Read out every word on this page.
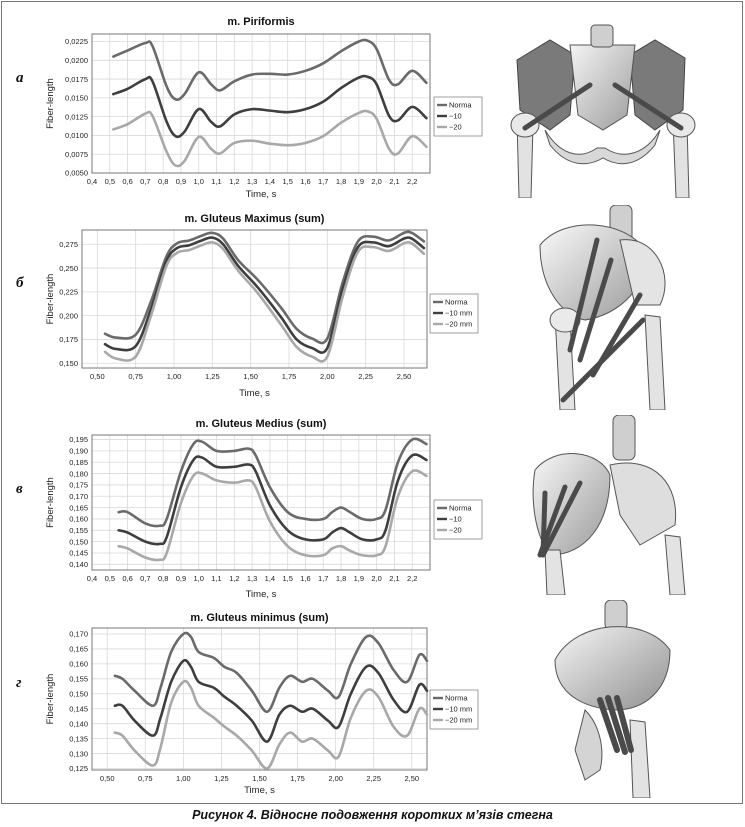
а
б
в
г
0,0050
0,0075
0,0100
0,0125
0,0150
0,0175
0,0200
0,0225
0,4 0,5 0,6 0,7 0,8 0,9 1,0 1,1 1,2 1,3 1,4 1,5 1,6 1,7 1,8 1,9 2,0 2,1 2,2
m. Piriformis
Time, s
Fiber-length	Norma
−10
−20
0,150
0,175
0,200
0,225
0,250
0,275
0,50	0,75	1,00	1,25	1,50	1,75	2,00	2,25	2,50
m. Gluteus Maximus (sum)
Time, s
Fiber-length	Norma
−10 mm
−20 mm
0,140
0,145
0,150
0,155
0,160
0,165
0,170
0,175
0,180
0,185
0,190
0,195
0,4 0,5 0,6 0,7 0,8 0,9 1,0 1,1 1,2 1,3 1,4 1,5 1,6 1,7 1,8 1,9 2,0 2,1 2,2
m. Gluteus Medius (sum)
Time, s
Fiber-length	Norma
−10
−20
0,125
0,130
0,135
0,140
0,145
0,150
0,155
0,160
0,165
0,170
0,50	0,75	1,00	1,25	1,50	1,75	2,00	2,25	2,50
m. Gluteus minimus (sum)
Time, s
Fiber-length	Norma
−10 mm
−20 mm
Рисунок 4. Відносне подовження коротких м’язів стегна
